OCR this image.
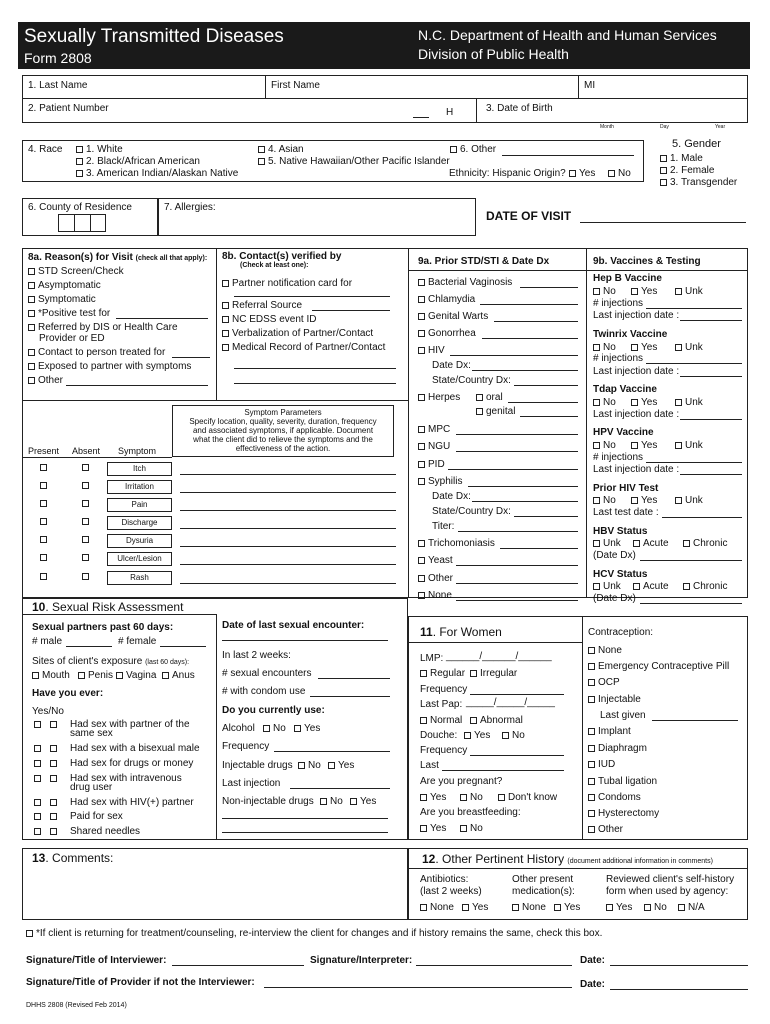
Sexually Transmitted Diseases
Form 2808
N.C. Department of Health and Human Services
Division of Public Health
1. Last Name	First Name	MI
2. Patient Number	H	3. Date of Birth
Month	Day	Year
4. Race	1. White
2. Black/African American
3. American Indian/Alaskan Native
4. Asian
5. Native Hawaiian/Other Pacific Islander
6. Other
Ethnicity: Hispanic Origin?	Yes	No
5. Gender
1. Male
2. Female
3. Transgender
6. County of Residence	7. Allergies:
DATE OF VISIT
8a. Reason(s) for Visit (check all that apply):
STD Screen/Check
Asymptomatic
Symptomatic
*Positive test for
Referred by DIS or Health Care
Provider or ED
Contact to person treated for
Exposed to partner with symptoms
Other
8b. Contact(s) verified by
(Check at least one):
Partner notification card for
Referral Source
NC EDSS event ID
Verbalization of Partner/Contact
Medical Record of Partner/Contact
Symptom Parameters
Specify location, quality, severity, duration, frequency
and associated symptoms, if applicable. Document
what the client did to relieve the symptoms and the
effectiveness of the action.
Present Absent Symptom
Itch
Irritation
Pain
Discharge
Dysuria
Ulcer/Lesion
Rash
9a. Prior STD/STI & Date Dx
Bacterial Vaginosis
Chlamydia
Genital Warts
Gonorrhea
HIV
Date Dx:
State/Country Dx:
Herpes	oral
genital
MPC
NGU
PID
Syphilis
Date Dx:
State/Country Dx:
Titer:
Trichomoniasis
Yeast
Other
None
9b. Vaccines & Testing
Hep B Vaccine
No	Yes	Unk
# injections
Last injection date :
Twinrix Vaccine
No	Yes	Unk
# injections
Last injection date :
Tdap Vaccine
No	Yes	Unk
Last injection date :
HPV Vaccine
No	Yes	Unk
# injections
Last injection date :
Prior HIV Test
No	Yes	Unk
Last test date :
HBV Status
Unk	Acute	Chronic
(Date Dx)
HCV Status
Unk	Acute	Chronic
(Date Dx)
10. Sexual Risk Assessment
Sexual partners past 60 days:
# male	# female
Sites of client's exposure (last 60 days):
Mouth	Penis	Vagina	Anus
Have you ever:
Yes/No
Had sex with partner of the
same sex
Had sex with a bisexual male
Had sex for drugs or money
Had sex with intravenous
drug user
Had sex with HIV(+) partner
Paid for sex
Shared needles
Date of last sexual encounter:
In last 2 weeks:
# sexual encounters
# with condom use
Do you currently use:
Alcohol	No	Yes
Frequency
Injectable drugs	No	Yes
Last injection
Non-injectable drugs	No	Yes
11. For Women
LMP: ______/______/______
Regular	Irregular
Frequency
Last Pap: _____/_____/_____
Normal	Abnormal
Douche:	Yes	No
Frequency
Last
Are you pregnant?
Yes	No	Don't know
Are you breastfeeding:
Yes	No
Contraception:
None
Emergency Contraceptive Pill
OCP
Injectable
Last given
Implant
Diaphragm
IUD
Tubal ligation
Condoms
Hysterectomy
Other
13. Comments:	12. Other Pertinent History (document additional information in comments)
Antibiotics:
(last 2 weeks)
None	Yes
Other present
medication(s):
None	Yes
Reviewed client's self-history
form when used by agency:
Yes	No	N/A
*If client is returning for treatment/counseling, re-interview the client for changes and if history remains the same, check this box.
Signature/Title of Interviewer:	Signature/Interpreter:	Date:
Signature/Title of Provider if not the Interviewer:	Date:
DHHS 2808 (Revised Feb 2014)
